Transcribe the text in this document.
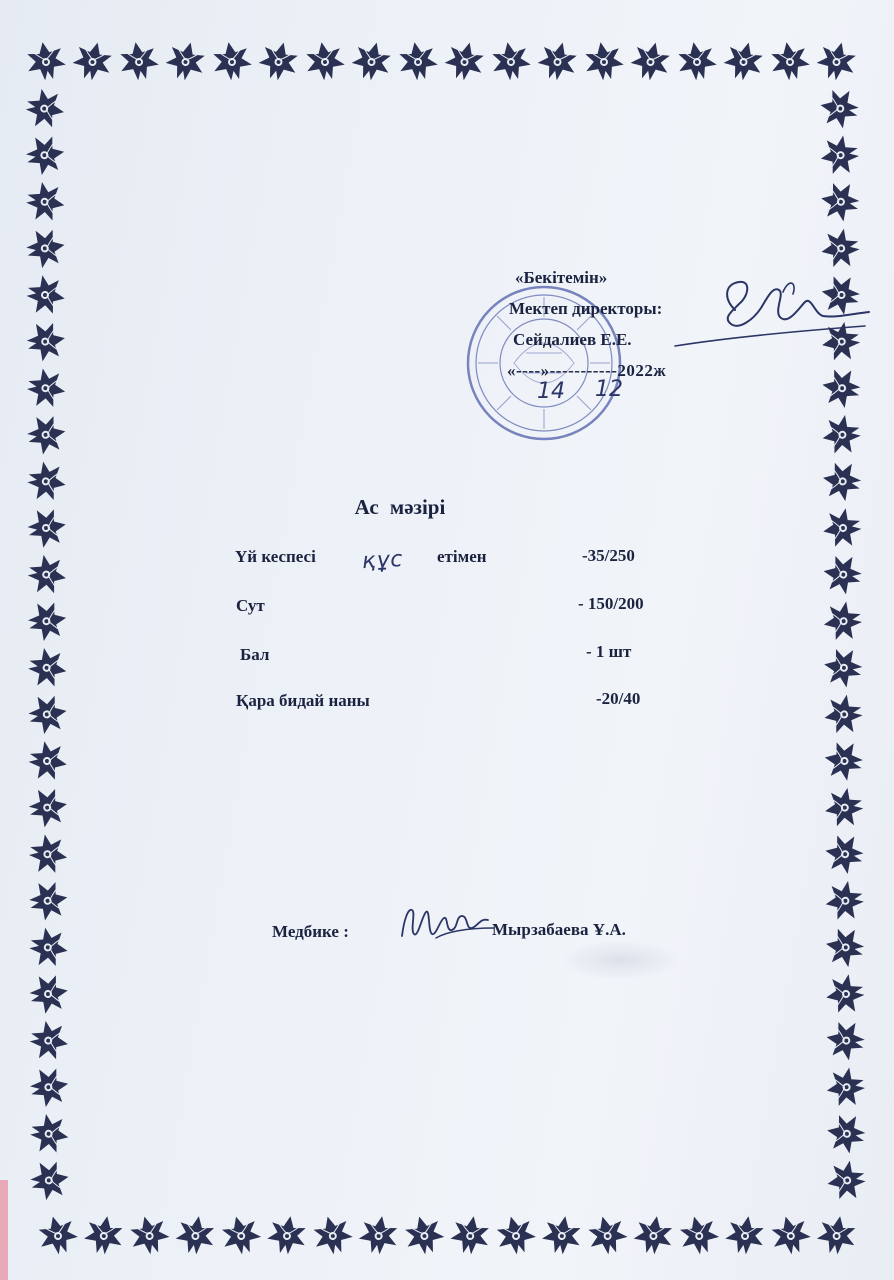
«Бекітемін»
Мектеп директоры:
Сейдалиев Е.Е.
«----»-----------2022ж
14 12
Ас мәзірі
Үй кеспесі құс етімен	-35/250
Сут	- 150/200
Бал	- 1 шт
Қара бидай наны	-20/40
Медбике :	Мырзабаева Ұ.А.
